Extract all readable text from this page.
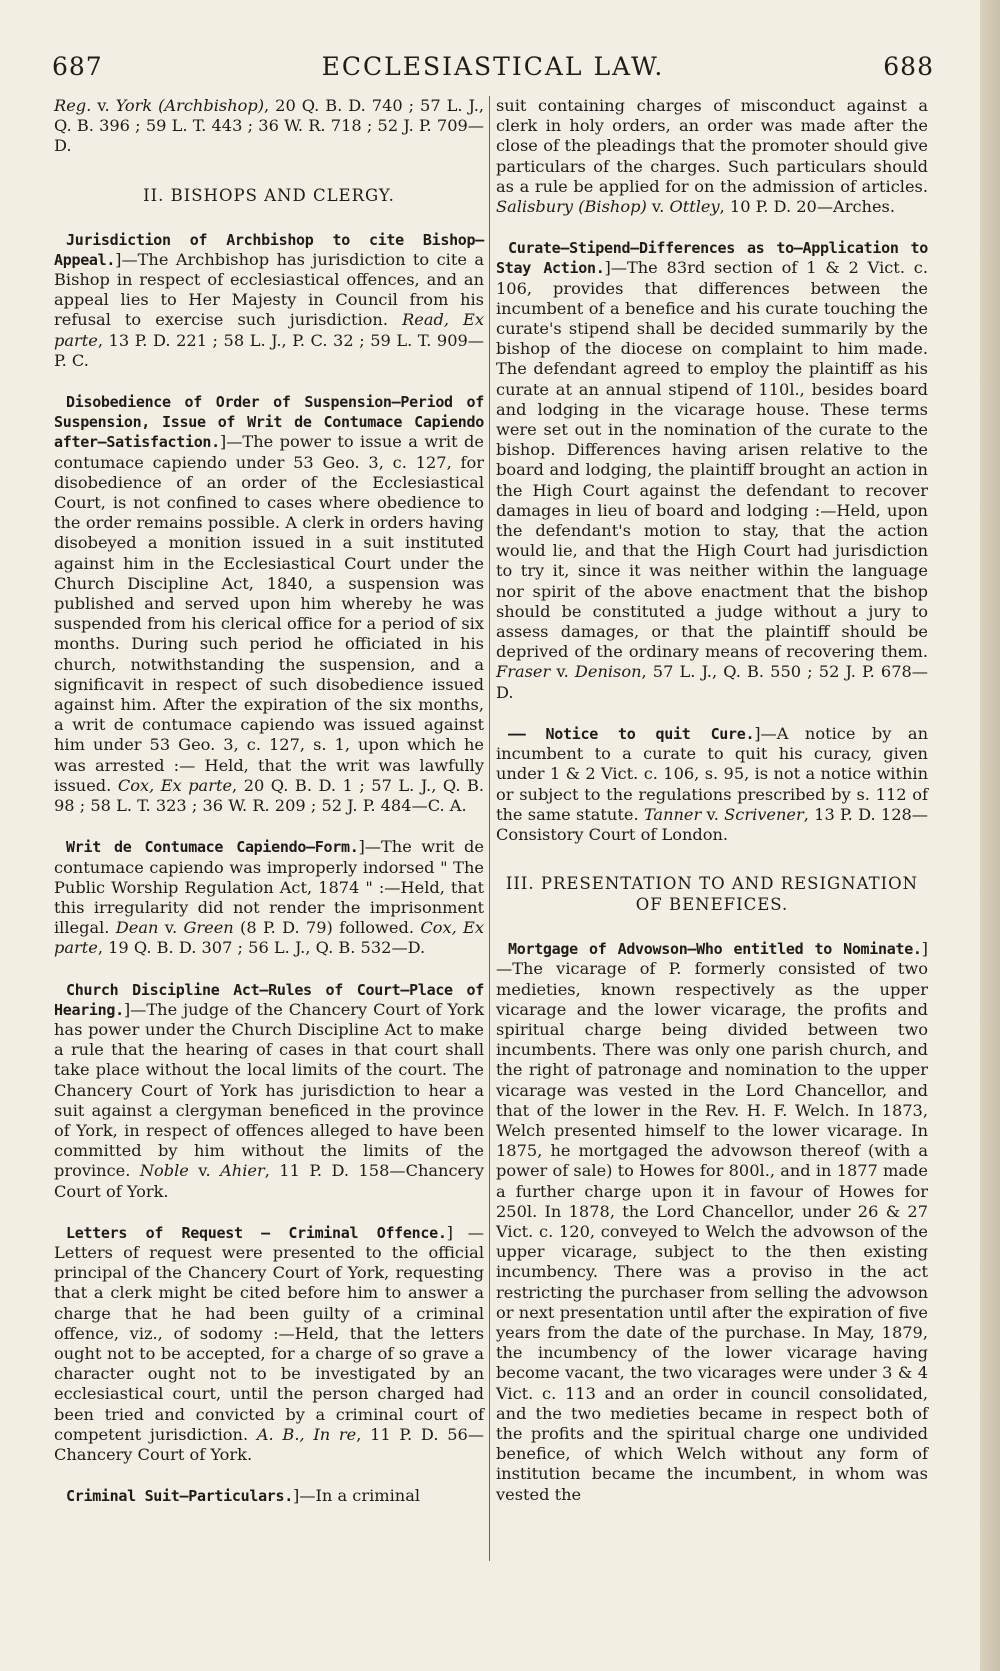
687	ECCLESIASTICAL LAW.	688

Reg. v. York (Archbishop), 20 Q. B. D. 740 ; 57 L. J., Q. B. 396 ; 59 L. T. 443 ; 36 W. R. 718 ; 52 J. P. 709—D.

II. BISHOPS AND CLERGY.

Jurisdiction of Archbishop to cite Bishop—Appeal.]—The Archbishop has jurisdiction to cite a Bishop in respect of ecclesiastical offences, and an appeal lies to Her Majesty in Council from his refusal to exercise such jurisdiction. Read, Ex parte, 13 P. D. 221 ; 58 L. J., P. C. 32 ; 59 L. T. 909—P. C.

Disobedience of Order of Suspension—Period of Suspension, Issue of Writ de Contumace Capiendo after—Satisfaction.]—The power to issue a writ de contumace capiendo under 53 Geo. 3, c. 127, for disobedience of an order of the Ecclesiastical Court, is not confined to cases where obedience to the order remains possible. A clerk in orders having disobeyed a monition issued in a suit instituted against him in the Ecclesiastical Court under the Church Discipline Act, 1840, a suspension was published and served upon him whereby he was suspended from his clerical office for a period of six months. During such period he officiated in his church, notwithstanding the suspension, and a significavit in respect of such disobedience issued against him. After the expiration of the six months, a writ de contumace capiendo was issued against him under 53 Geo. 3, c. 127, s. 1, upon which he was arrested :— Held, that the writ was lawfully issued. Cox, Ex parte, 20 Q. B. D. 1 ; 57 L. J., Q. B. 98 ; 58 L. T. 323 ; 36 W. R. 209 ; 52 J. P. 484—C. A.

Writ de Contumace Capiendo—Form.]—The writ de contumace capiendo was improperly indorsed " The Public Worship Regulation Act, 1874 " :—Held, that this irregularity did not render the imprisonment illegal. Dean v. Green (8 P. D. 79) followed. Cox, Ex parte, 19 Q. B. D. 307 ; 56 L. J., Q. B. 532—D.

Church Discipline Act—Rules of Court—Place of Hearing.]—The judge of the Chancery Court of York has power under the Church Discipline Act to make a rule that the hearing of cases in that court shall take place without the local limits of the court. The Chancery Court of York has jurisdiction to hear a suit against a clergyman beneficed in the province of York, in respect of offences alleged to have been committed by him without the limits of the province. Noble v. Ahier, 11 P. D. 158—Chancery Court of York.

Letters of Request — Criminal Offence.] — Letters of request were presented to the official principal of the Chancery Court of York, requesting that a clerk might be cited before him to answer a charge that he had been guilty of a criminal offence, viz., of sodomy :—Held, that the letters ought not to be accepted, for a charge of so grave a character ought not to be investigated by an ecclesiastical court, until the person charged had been tried and convicted by a criminal court of competent jurisdiction. A. B., In re, 11 P. D. 56—Chancery Court of York.

Criminal Suit—Particulars.]—In a criminal

suit containing charges of misconduct against a clerk in holy orders, an order was made after the close of the pleadings that the promoter should give particulars of the charges. Such particulars should as a rule be applied for on the admission of articles. Salisbury (Bishop) v. Ottley, 10 P. D. 20—Arches.

Curate—Stipend—Differences as to—Application to Stay Action.]—The 83rd section of 1 & 2 Vict. c. 106, provides that differences between the incumbent of a benefice and his curate touching the curate's stipend shall be decided summarily by the bishop of the diocese on complaint to him made. The defendant agreed to employ the plaintiff as his curate at an annual stipend of 110l., besides board and lodging in the vicarage house. These terms were set out in the nomination of the curate to the bishop. Differences having arisen relative to the board and lodging, the plaintiff brought an action in the High Court against the defendant to recover damages in lieu of board and lodging :—Held, upon the defendant's motion to stay, that the action would lie, and that the High Court had jurisdiction to try it, since it was neither within the language nor spirit of the above enactment that the bishop should be constituted a judge without a jury to assess damages, or that the plaintiff should be deprived of the ordinary means of recovering them. Fraser v. Denison, 57 L. J., Q. B. 550 ; 52 J. P. 678—D.

—— Notice to quit Cure.]—A notice by an incumbent to a curate to quit his curacy, given under 1 & 2 Vict. c. 106, s. 95, is not a notice within or subject to the regulations prescribed by s. 112 of the same statute. Tanner v. Scrivener, 13 P. D. 128—Consistory Court of London.

III. PRESENTATION TO AND RESIGNATION OF BENEFICES.

Mortgage of Advowson—Who entitled to Nominate.]—The vicarage of P. formerly consisted of two medieties, known respectively as the upper vicarage and the lower vicarage, the profits and spiritual charge being divided between two incumbents. There was only one parish church, and the right of patronage and nomination to the upper vicarage was vested in the Lord Chancellor, and that of the lower in the Rev. H. F. Welch. In 1873, Welch presented himself to the lower vicarage. In 1875, he mortgaged the advowson thereof (with a power of sale) to Howes for 800l., and in 1877 made a further charge upon it in favour of Howes for 250l. In 1878, the Lord Chancellor, under 26 & 27 Vict. c. 120, conveyed to Welch the advowson of the upper vicarage, subject to the then existing incumbency. There was a proviso in the act restricting the purchaser from selling the advowson or next presentation until after the expiration of five years from the date of the purchase. In May, 1879, the incumbency of the lower vicarage having become vacant, the two vicarages were under 3 & 4 Vict. c. 113 and an order in council consolidated, and the two medieties became in respect both of the profits and the spiritual charge one undivided benefice, of which Welch without any form of institution became the incumbent, in whom was vested the
